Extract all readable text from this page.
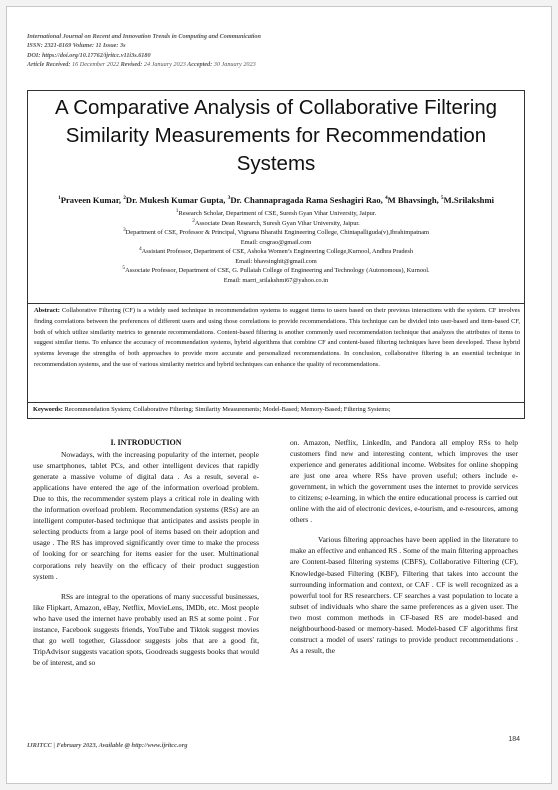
International Journal on Recent and Innovation Trends in Computing and Communication
ISSN: 2321-8169 Volume: 11 Issue: 3s
DOI: https://doi.org/10.17762/ijritcc.v11i3s.6180
Article Received: 16 December 2022 Revised: 24 January 2023 Accepted: 30 January 2023
A Comparative Analysis of Collaborative Filtering
Similarity Measurements for Recommendation
Systems
$^1$Praveen Kumar, $^2$Dr. Mukesh Kumar Gupta, $^3$Dr. Channapragada Rama Seshagiri Rao, $^4$M Bhavsingh, $^5$M.Srilakshmi
$^1$Research Scholar, Department of CSE, Suresh Gyan Vihar University, Jaipur.
$^2$Associate Dean Research, Suresh Gyan Vihar University, Jaipur.
$^3$Department of CSE, Professor & Principal, Vignana Bharathi Engineering College, Chintapalliguda(v),Ibrahimpatnam
Email: crsgrao@gmail.com
$^4$Assistant Professor, Department of CSE, Ashoka Women’s Engineering College,Kurnool, Andhra Pradesh
Email: bhavsinghit@gmail.com
$^5$Associate Professor, Department of CSE, G. Pullaiah College of Engineering and Technology (Autonomous), Kurnool.
Email: marri_srilakshmi67@yahoo.co.in
Abstract: Collaborative Filtering (CF) is a widely used technique in recommendation systems to suggest items to users based on their previous interactions with the system. CF involves finding correlations between the preferences of different users and using those correlations to provide recommendations. This technique can be divided into user-based and item-based CF, both of which utilize similarity metrics to generate recommendations. Content-based filtering is another commonly used recommendation technique that analyzes the attributes of items to suggest similar items. To enhance the accuracy of recommendation systems, hybrid algorithms that combine CF and content-based filtering techniques have been developed. These hybrid systems leverage the strengths of both approaches to provide more accurate and personalized recommendations. In conclusion, collaborative filtering is an essential technique in recommendation systems, and the use of various similarity metrics and hybrid techniques can enhance the quality of recommendations.
Keywords: Recommendation System; Collaborative Filtering; Similarity Measurements; Model-Based; Memory-Based; Filtering Systems;
I. INTRODUCTION

Nowadays, with the increasing popularity of the internet, people use smartphones, tablet PCs, and other intelligent devices that rapidly generate a massive volume of digital data . As a result, several e-applications have entered the age of the information overload problem. Due to this, the recommender system plays a critical role in dealing with the information overload problem. Recommendation systems (RSs) are an intelligent computer-based technique that anticipates and assists people in selecting products from a large pool of items based on their adoption and usage . The RS has improved significantly over time to make the process of looking for or searching for items easier for the user. Multinational corporations rely heavily on the efficacy of their product suggestion system .

RSs are integral to the operations of many successful businesses, like Flipkart, Amazon, eBay, Netflix, MovieLens, IMDb, etc. Most people who have used the internet have probably used an RS at some point . For instance, Facebook suggests friends, YouTube and Tiktok suggest movies that go well together, Glassdoor suggests jobs that are a good fit, TripAdvisor suggests vacation spots, Goodreads suggests books that would be of interest, and so

on. Amazon, Netflix, LinkedIn, and Pandora all employ RSs to help customers find new and interesting content, which improves the user experience and generates additional income. Websites for online shopping are just one area where RSs have proven useful; others include e-government, in which the government uses the internet to provide services to citizens; e-learning, in which the entire educational process is carried out online with the aid of electronic devices, e-tourism, and e-resources, among others .

Various filtering approaches have been applied in the literature to make an effective and enhanced RS . Some of the main filtering approaches are Content-based filtering systems (CBFS), Collaborative Filtering (CF), Knowledge-based Filtering (KBF), Filtering that takes into account the surrounding information and context, or CAF . CF is well recognized as a powerful tool for RS researchers. CF searches a vast population to locate a subset of individuals who share the same preferences as a given user. The two most common methods in CF-based RS are model-based and neighbourhood-based or memory-based. Model-based CF algorithms first construct a model of users' ratings to provide product recommendations . As a result, the

184
IJRITCC | February 2023, Available @ http://www.ijritcc.org
